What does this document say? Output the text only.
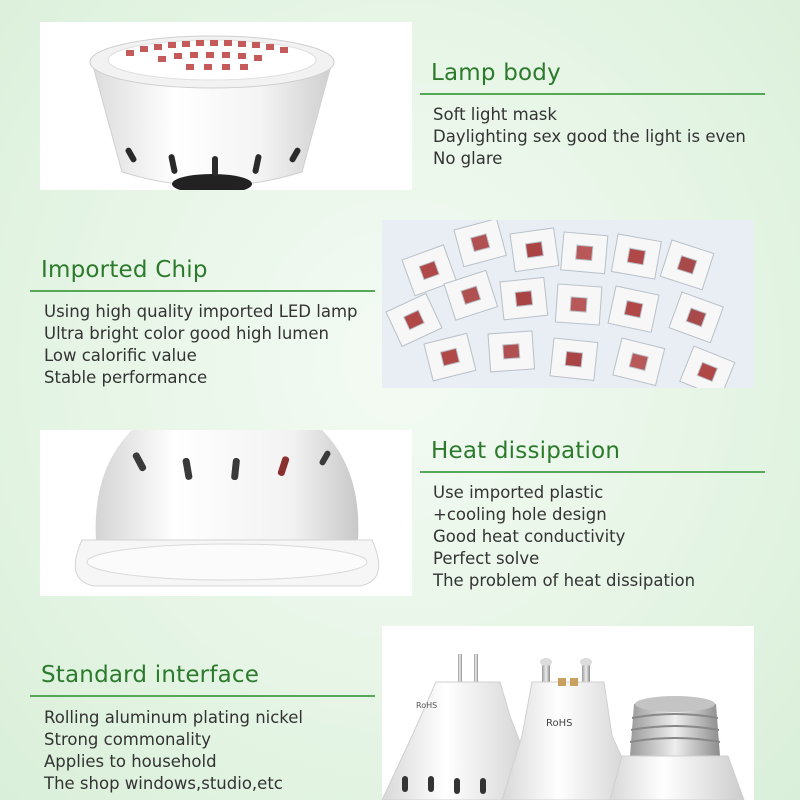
Lamp body
Soft light mask
Daylighting sex good the light is even
No glare
Imported Chip
Using high quality imported LED lamp
Ultra bright color good high lumen
Low calorific value
Stable performance
Heat dissipation
Use imported plastic
+cooling hole design
Good heat conductivity
Perfect solve
The problem of heat dissipation
Standard interface
Rolling aluminum plating nickel
Strong commonality
Applies to household
The shop windows,studio,etc
RoHS
RoHS
